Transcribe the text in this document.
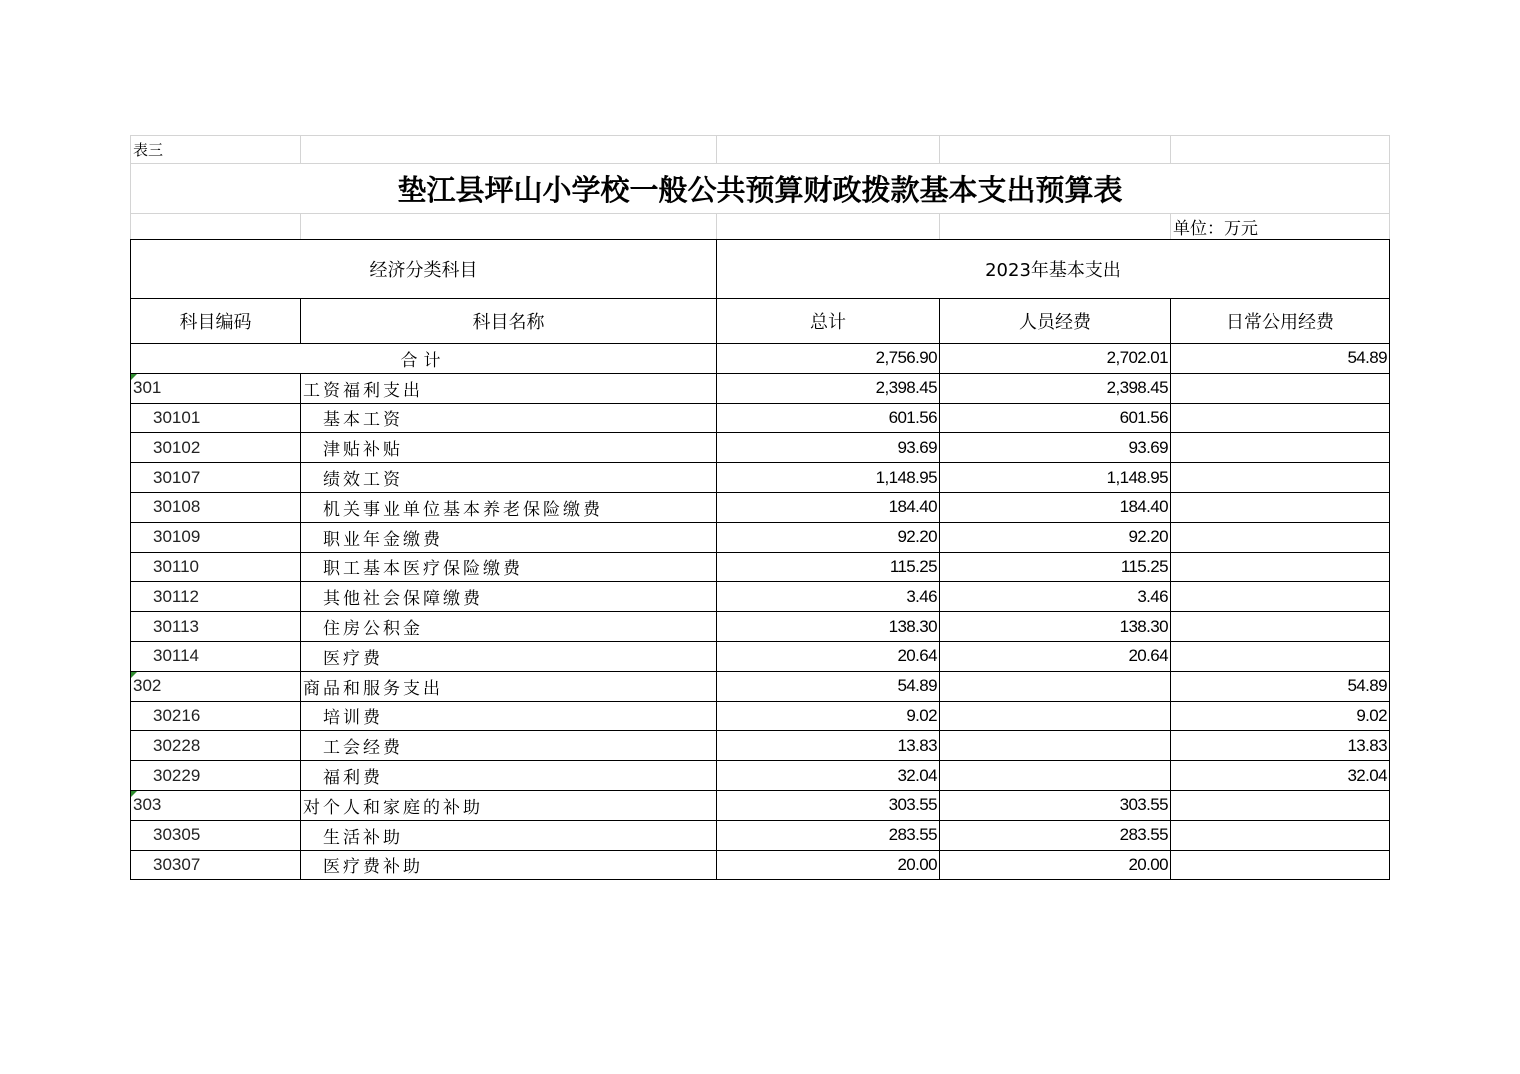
表三				
垫江县坪山小学校一般公共预算财政拨款基本支出预算表				
				单位：万元
经济分类科目		2023年基本支出		
科目编码	科目名称	总计	人员经费	日常公用经费
合计		2,756.90	2,702.01	54.89
301	工资福利支出	2,398.45	2,398.45	
30101	基本工资	601.56	601.56	
30102	津贴补贴	93.69	93.69	
30107	绩效工资	1,148.95	1,148.95	
30108	机关事业单位基本养老保险缴费	184.40	184.40	
30109	职业年金缴费	92.20	92.20	
30110	职工基本医疗保险缴费	115.25	115.25	
30112	其他社会保障缴费	3.46	3.46	
30113	住房公积金	138.30	138.30	
30114	医疗费	20.64	20.64	
302	商品和服务支出	54.89		54.89
30216	培训费	9.02		9.02
30228	工会经费	13.83		13.83
30229	福利费	32.04		32.04
303	对个人和家庭的补助	303.55	303.55	
30305	生活补助	283.55	283.55	
30307	医疗费补助	20.00	20.00	
